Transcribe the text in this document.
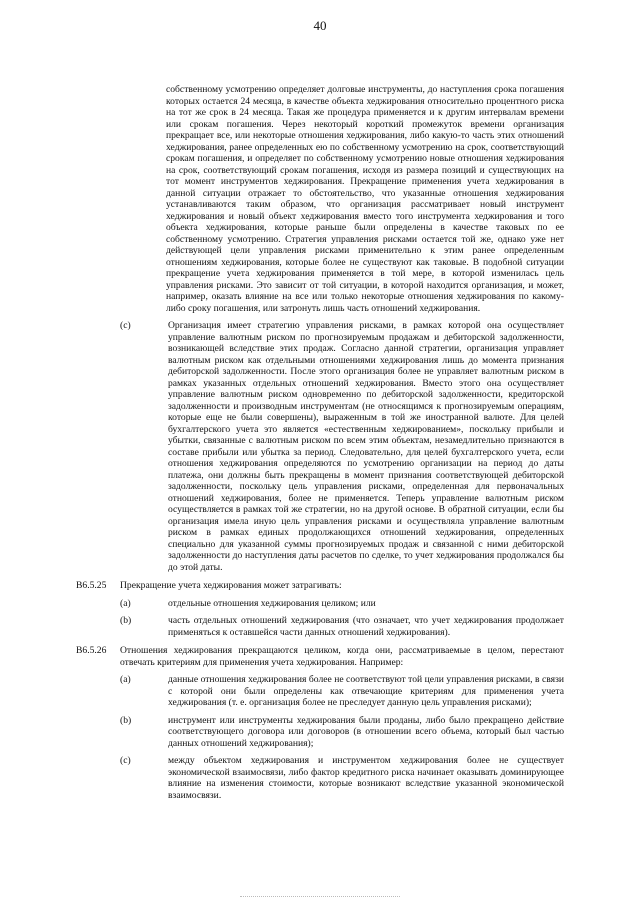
40
собственному усмотрению определяет долговые инструменты, до наступления срока погашения которых остается 24 месяца, в качестве объекта хеджирования относительно процентного риска на тот же срок в 24 месяца. Такая же процедура применяется и к другим интервалам времени или срокам погашения. Через некоторый короткий промежуток времени организация прекращает все, или некоторые отношения хеджирования, либо какую-то часть этих отношений хеджирования, ранее определенных ею по собственному усмотрению на срок, соответствующий срокам погашения, и определяет по собственному усмотрению новые отношения хеджирования на срок, соответствующий срокам погашения, исходя из размера позиций и существующих на тот момент инструментов хеджирования. Прекращение применения учета хеджирования в данной ситуации отражает то обстоятельство, что указанные отношения хеджирования устанавливаются таким образом, что организация рассматривает новый инструмент хеджирования и новый объект хеджирования вместо того инструмента хеджирования и того объекта хеджирования, которые раньше были определены в качестве таковых по ее собственному усмотрению. Стратегия управления рисками остается той же, однако уже нет действующей цели управления рисками применительно к этим ранее определенным отношениям хеджирования, которые более не существуют как таковые. В подобной ситуации прекращение учета хеджирования применяется в той мере, в которой изменилась цель управления рисками. Это зависит от той ситуации, в которой находится организация, и может, например, оказать влияние на все или только некоторые отношения хеджирования по какому-либо сроку погашения, или затронуть лишь часть отношений хеджирования.
(c)	Организация имеет стратегию управления рисками, в рамках которой она осуществляет управление валютным риском по прогнозируемым продажам и дебиторской задолженности, возникающей вследствие этих продаж. Согласно данной стратегии, организация управляет валютным риском как отдельными отношениями хеджирования лишь до момента признания дебиторской задолженности. После этого организация более не управляет валютным риском в рамках указанных отдельных отношений хеджирования. Вместо этого она осуществляет управление валютным риском одновременно по дебиторской задолженности, кредиторской задолженности и производным инструментам (не относящимся к прогнозируемым операциям, которые еще не были совершены), выраженным в той же иностранной валюте. Для целей бухгалтерского учета это является «естественным хеджированием», поскольку прибыли и убытки, связанные с валютным риском по всем этим объектам, незамедлительно признаются в составе прибыли или убытка за период. Следовательно, для целей бухгалтерского учета, если отношения хеджирования определяются по усмотрению организации на период до даты платежа, они должны быть прекращены в момент признания соответствующей дебиторской задолженности, поскольку цель управления рисками, определенная для первоначальных отношений хеджирования, более не применяется. Теперь управление валютным риском осуществляется в рамках той же стратегии, но на другой основе. В обратной ситуации, если бы организация имела иную цель управления рисками и осуществляла управление валютным риском в рамках единых продолжающихся отношений хеджирования, определенных специально для указанной суммы прогнозируемых продаж и связанной с ними дебиторской задолженности до наступления даты расчетов по сделке, то учет хеджирования продолжался бы до этой даты.
B6.5.25	Прекращение учета хеджирования может затрагивать:
(a)	отдельные отношения хеджирования целиком; или
(b)	часть отдельных отношений хеджирования (что означает, что учет хеджирования продолжает применяться к оставшейся части данных отношений хеджирования).
B6.5.26	Отношения хеджирования прекращаются целиком, когда они, рассматриваемые в целом, перестают отвечать критериям для применения учета хеджирования. Например:
(a)	данные отношения хеджирования более не соответствуют той цели управления рисками, в связи с которой они были определены как отвечающие критериям для применения учета хеджирования (т. е. организация более не преследует данную цель управления рисками);
(b)	инструмент или инструменты хеджирования были проданы, либо было прекращено действие соответствующего договора или договоров (в отношении всего объема, который был частью данных отношений хеджирования);
(c)	между объектом хеджирования и инструментом хеджирования более не существует экономической взаимосвязи, либо фактор кредитного риска начинает оказывать доминирующее влияние на изменения стоимости, которые возникают вследствие указанной экономической взаимосвязи.
